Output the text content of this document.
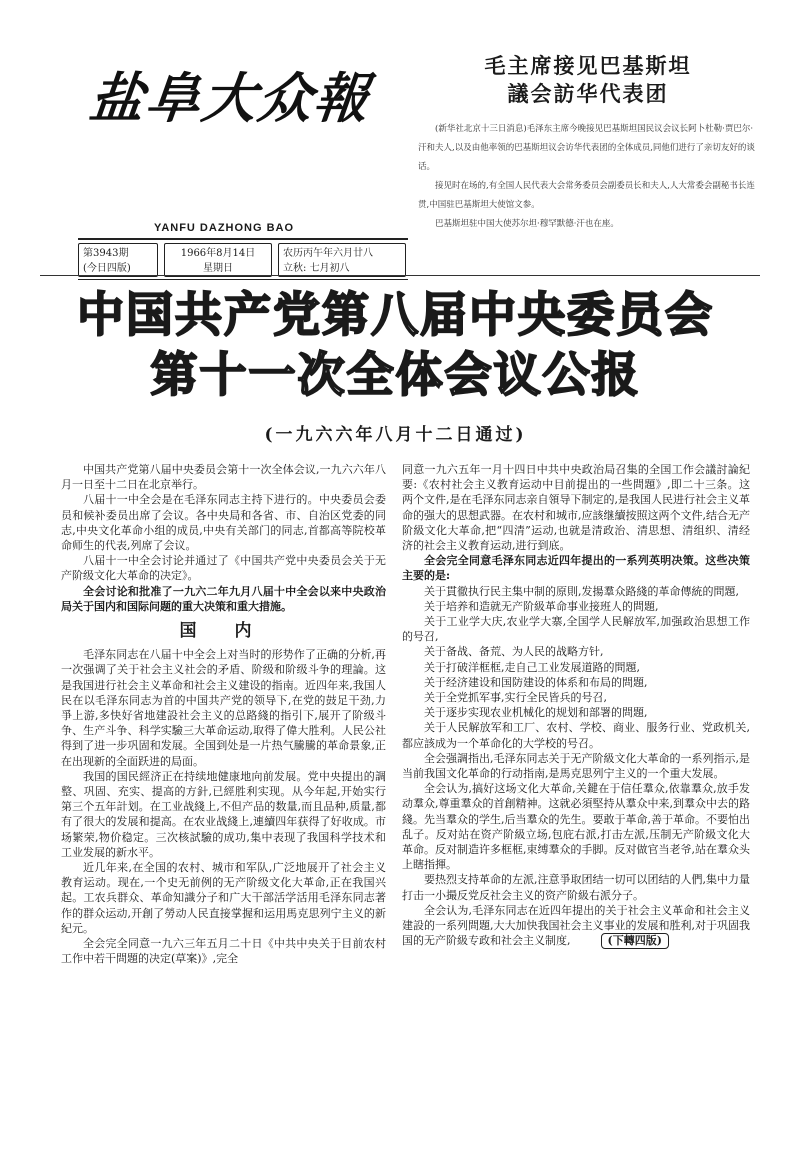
盐阜大众報
YANFU DAZHONG BAO
第3943期
(今日四版)
1966年8月14日
星期日
农历丙午年六月廿八
立秋: 七月初八
毛主席接见巴基斯坦
議会訪华代表团

(新华社北京十三日消息)毛泽东主席今晚接见巴基斯坦国民议会议长阿卜杜勒·贾巴尔·汗和夫人,以及由他率领的巴基斯坦议会访华代表团的全体成员,同他们进行了亲切友好的谈话。

接见时在场的,有全国人民代表大会常务委员会副委员长和夫人,人大常委会副秘书长连贯,中国驻巴基斯坦大使馆文参。

巴基斯坦驻中国大使苏尔坦·穆罕默德·汗也在座。

中国共产党第八届中央委员会
第十一次全体会议公报
(一九六六年八月十二日通过)

中国共产党第八届中央委员会第十一次全体会议,一九六六年八月一日至十二日在北京举行。

八届十一中全会是在毛泽东同志主持下进行的。中央委员会委员和候补委员出席了会议。各中央局和各省、市、自治区党委的同志,中央文化革命小组的成员,中央有关部门的同志,首都高等院校革命师生的代表,列席了会议。

八届十一中全会讨论并通过了《中国共产党中央委员会关于无产阶级文化大革命的决定》。

全会讨论和批准了一九六二年九月八届十中全会以来中央政治局关于国内和国际问题的重大决策和重大措施。

国 内

毛泽东同志在八届十中全会上对当时的形势作了正确的分析,再一次强调了关于社会主义社会的矛盾、阶级和阶级斗争的理論。这是我国进行社会主义革命和社会主义建设的指南。近四年来,我国人民在以毛泽东同志为首的中国共产党的领导下,在党的鼓足干劲,力爭上游,多快好省地建設社会主义的总路綫的指引下,展开了阶级斗争、生产斗争、科学实驗三大革命运动,取得了偉大胜利。人民公社得到了进一步巩固和发展。全国到处是一片热气騰騰的革命景象,正在出现新的全面跃进的局面。

我国的国民經济正在持续地健康地向前发展。党中央提出的調整、巩固、充实、提高的方針,已經胜利实现。从今年起,开始实行第三个五年計划。在工业战綫上,不但产品的数量,而且品种,质量,都有了很大的发展和提高。在农业战綫上,連續四年获得了好收成。市场繁荣,物价稳定。三次核試驗的成功,集中表现了我国科学技术和工业发展的新水平。

近几年来,在全国的农村、城市和军队,广泛地展开了社会主义教育运动。现在,一个史无前例的无产阶级文化大革命,正在我国兴起。工农兵群众、革命知識分子和广大干部活学活用毛泽东同志著作的群众运动,开創了勞动人民直接掌握和运用馬克思列宁主义的新紀元。

全会完全同意一九六三年五月二十日《中共中央关于目前农村工作中若干問題的决定(草案)》,完全

同意一九六五年一月十四日中共中央政治局召集的全国工作会議討論紀要:《农村社会主义教育运动中目前提出的一些問題》,即二十三条。这两个文件,是在毛泽东同志亲自領导下制定的,是我国人民进行社会主义革命的强大的思想武器。在农村和城市,应該继續按照这两个文件,结合无产阶級文化大革命,把“四清”运动,也就是清政治、清思想、清组织、清经济的社会主义教育运动,进行到底。

全会完全同意毛泽东同志近四年提出的一系列英明决策。这些决策主要的是:

关于貫徹执行民主集中制的原則,发揚羣众路綫的革命傳統的問題,

关于培养和造就无产阶級革命事业接班人的問題,

关于工业学大庆,农业学大寨,全国学人民解放军,加强政治思想工作的号召,

关于备战、备荒、为人民的战略方针,

关于打破洋框框,走自己工业发展道路的問題,

关于经济建设和国防建设的体系和布局的問題,

关于全党抓军事,实行全民皆兵的号召,

关于逐步实现农业机械化的规划和部署的問題,

关于人民解放军和工厂、农村、学校、商业、服务行业、党政机关,都应該成为一个革命化的大学校的号召。

全会强調指出,毛泽东同志关于无产阶級文化大革命的一系列指示,是当前我国文化革命的行动指南,是馬克思列宁主义的一个重大发展。

全会认为,搞好这场文化大革命,关鍵在于信任羣众,依靠羣众,放手发动羣众,尊重羣众的首創精神。这就必須堅持从羣众中来,到羣众中去的路綫。先当羣众的学生,后当羣众的先生。要敢于革命,善于革命。不要怕出乱子。反对站在资产阶級立场,包庇右派,打击左派,压制无产阶級文化大革命。反对制造许多框框,束缚羣众的手脚。反对做官当老爷,站在羣众头上瞎指揮。

要热烈支持革命的左派,注意爭取团结一切可以团结的人們,集中力量打击一小撮反党反社会主义的资产阶級右派分子。

全会认为,毛泽东同志在近四年提出的关于社会主义革命和社会主义建設的一系列問題,大大加快我国社会主义事业的发展和胜利,对于巩固我国的无产阶級专政和社会主义制度,	(下轉四版)
